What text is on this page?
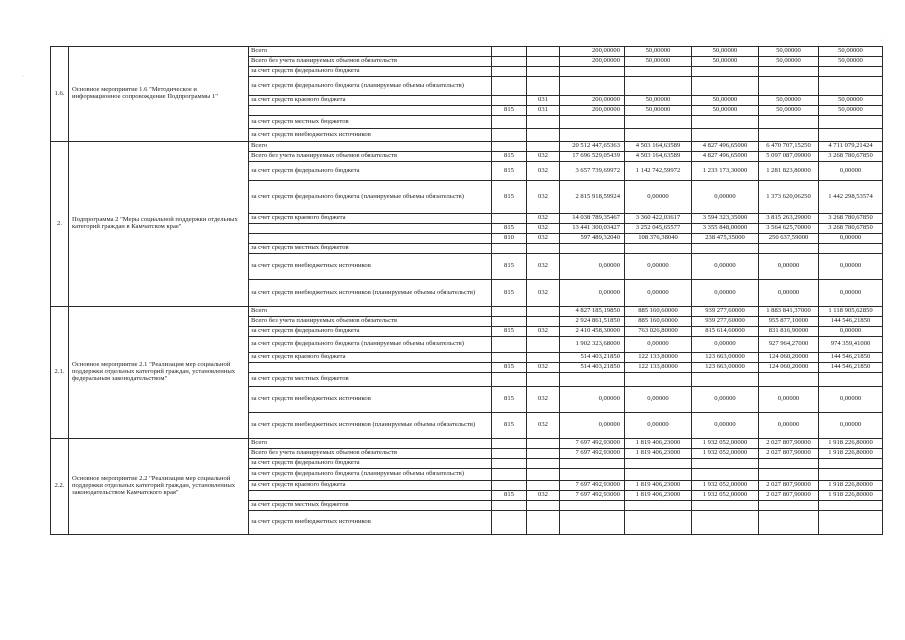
·
·
1.6.	Основное мероприятие 1.6 "Методическое и информационное сопровождение Подпрограммы 1"	Всего			200,00000	50,00000	50,00000	50,00000	50,00000
		Всего без учета планируемых объемов обязательств			200,00000	50,00000	50,00000	50,00000	50,00000
		за счет средств федерального бюджета							
		за счет средств федерального бюджета (планируемые объемы обязательств)							
		за счет средств краевого бюджета		031	200,00000	50,00000	50,00000	50,00000	50,00000
			815	031	200,00000	50,00000	50,00000	50,00000	50,00000
		за счет средств местных бюджетов							
		за счет средств внебюджетных источников							
2.	Подпрограмма 2 "Меры социальной поддержки отдельных категорий граждан в Камчатском крае"	Всего			20 512 447,65363	4 503 164,63589	4 827 496,65000	6 470 707,15250	4 711 079,21424
		Всего без учета планируемых объемов обязательств	815	032	17 696 529,05439	4 503 164,63589	4 827 496,65000	5 097 087,09000	3 268 780,67850
		за счет средств федерального бюджета	815	032	3 657 739,69972	1 142 742,59972	1 233 173,30000	1 281 823,80000	0,00000
		за счет средств федерального бюджета (планируемые объемы обязательств)	815	032	2 815 918,59924	0,00000	0,00000	1 373 620,06250	1 442 298,53574
		за счет средств краевого бюджета		032	14 038 789,35467	3 360 422,03617	3 594 323,35000	3 815 263,29000	3 268 780,67850
			815	032	13 441 300,03427	3 252 045,65577	3 355 848,00000	3 564 625,70000	3 268 780,67850
			810	032	597 489,32040	108 376,38040	238 475,35000	250 637,59000	0,00000
		за счет средств местных бюджетов							
		за счет средств внебюджетных источников	815	032	0,00000	0,00000	0,00000	0,00000	0,00000
		за счет средств внебюджетных источников (планируемые объемы обязательств)	815	032	0,00000	0,00000	0,00000	0,00000	0,00000
2.1.	Основное мероприятие 2.1 "Реализация мер социальной поддержки отдельных категорий граждан, установленных федеральным законодательством"	Всего			4 827 185,19850	885 160,60000	939 277,60000	1 883 841,37000	1 118 905,62850
		Всего без учета планируемых объемов обязательств			2 924 861,51850	885 160,60000	939 277,60000	955 877,10000	144 546,21850
		за счет средств федерального бюджета	815	032	2 410 458,30000	763 026,80000	815 614,60000	831 816,90000	0,00000
		за счет средств федерального бюджета (планируемые объемы обязательств)			1 902 323,68000	0,00000	0,00000	927 964,27000	974 359,41000
		за счет средств краевого бюджета			514 403,21850	122 133,80000	123 663,00000	124 060,20000	144 546,21850
			815	032	514 403,21850	122 133,80000	123 663,00000	124 060,20000	144 546,21850
		за счет средств местных бюджетов							
		за счет средств внебюджетных источников	815	032	0,00000	0,00000	0,00000	0,00000	0,00000
		за счет средств внебюджетных источников (планируемые объемы обязательств)	815	032	0,00000	0,00000	0,00000	0,00000	0,00000
2.2.	Основное мероприятие 2.2 "Реализация мер социальной поддержки отдельных категорий граждан, установленных законодательством Камчатского края"	Всего			7 697 492,93000	1 819 406,23000	1 932 052,00000	2 027 807,90000	1 918 226,80000
		Всего без учета планируемых объемов обязательств			7 697 492,93000	1 819 406,23000	1 932 052,00000	2 027 807,90000	1 918 226,80000
		за счет средств федерального бюджета							
		за счет средств федерального бюджета (планируемые объемы обязательств)							
		за счет средств краевого бюджета			7 697 492,93000	1 819 406,23000	1 932 052,00000	2 027 807,90000	1 918 226,80000
			815	032	7 697 492,93000	1 819 406,23000	1 932 052,00000	2 027 807,90000	1 918 226,80000
		за счет средств местных бюджетов							
		за счет средств внебюджетных источников							
